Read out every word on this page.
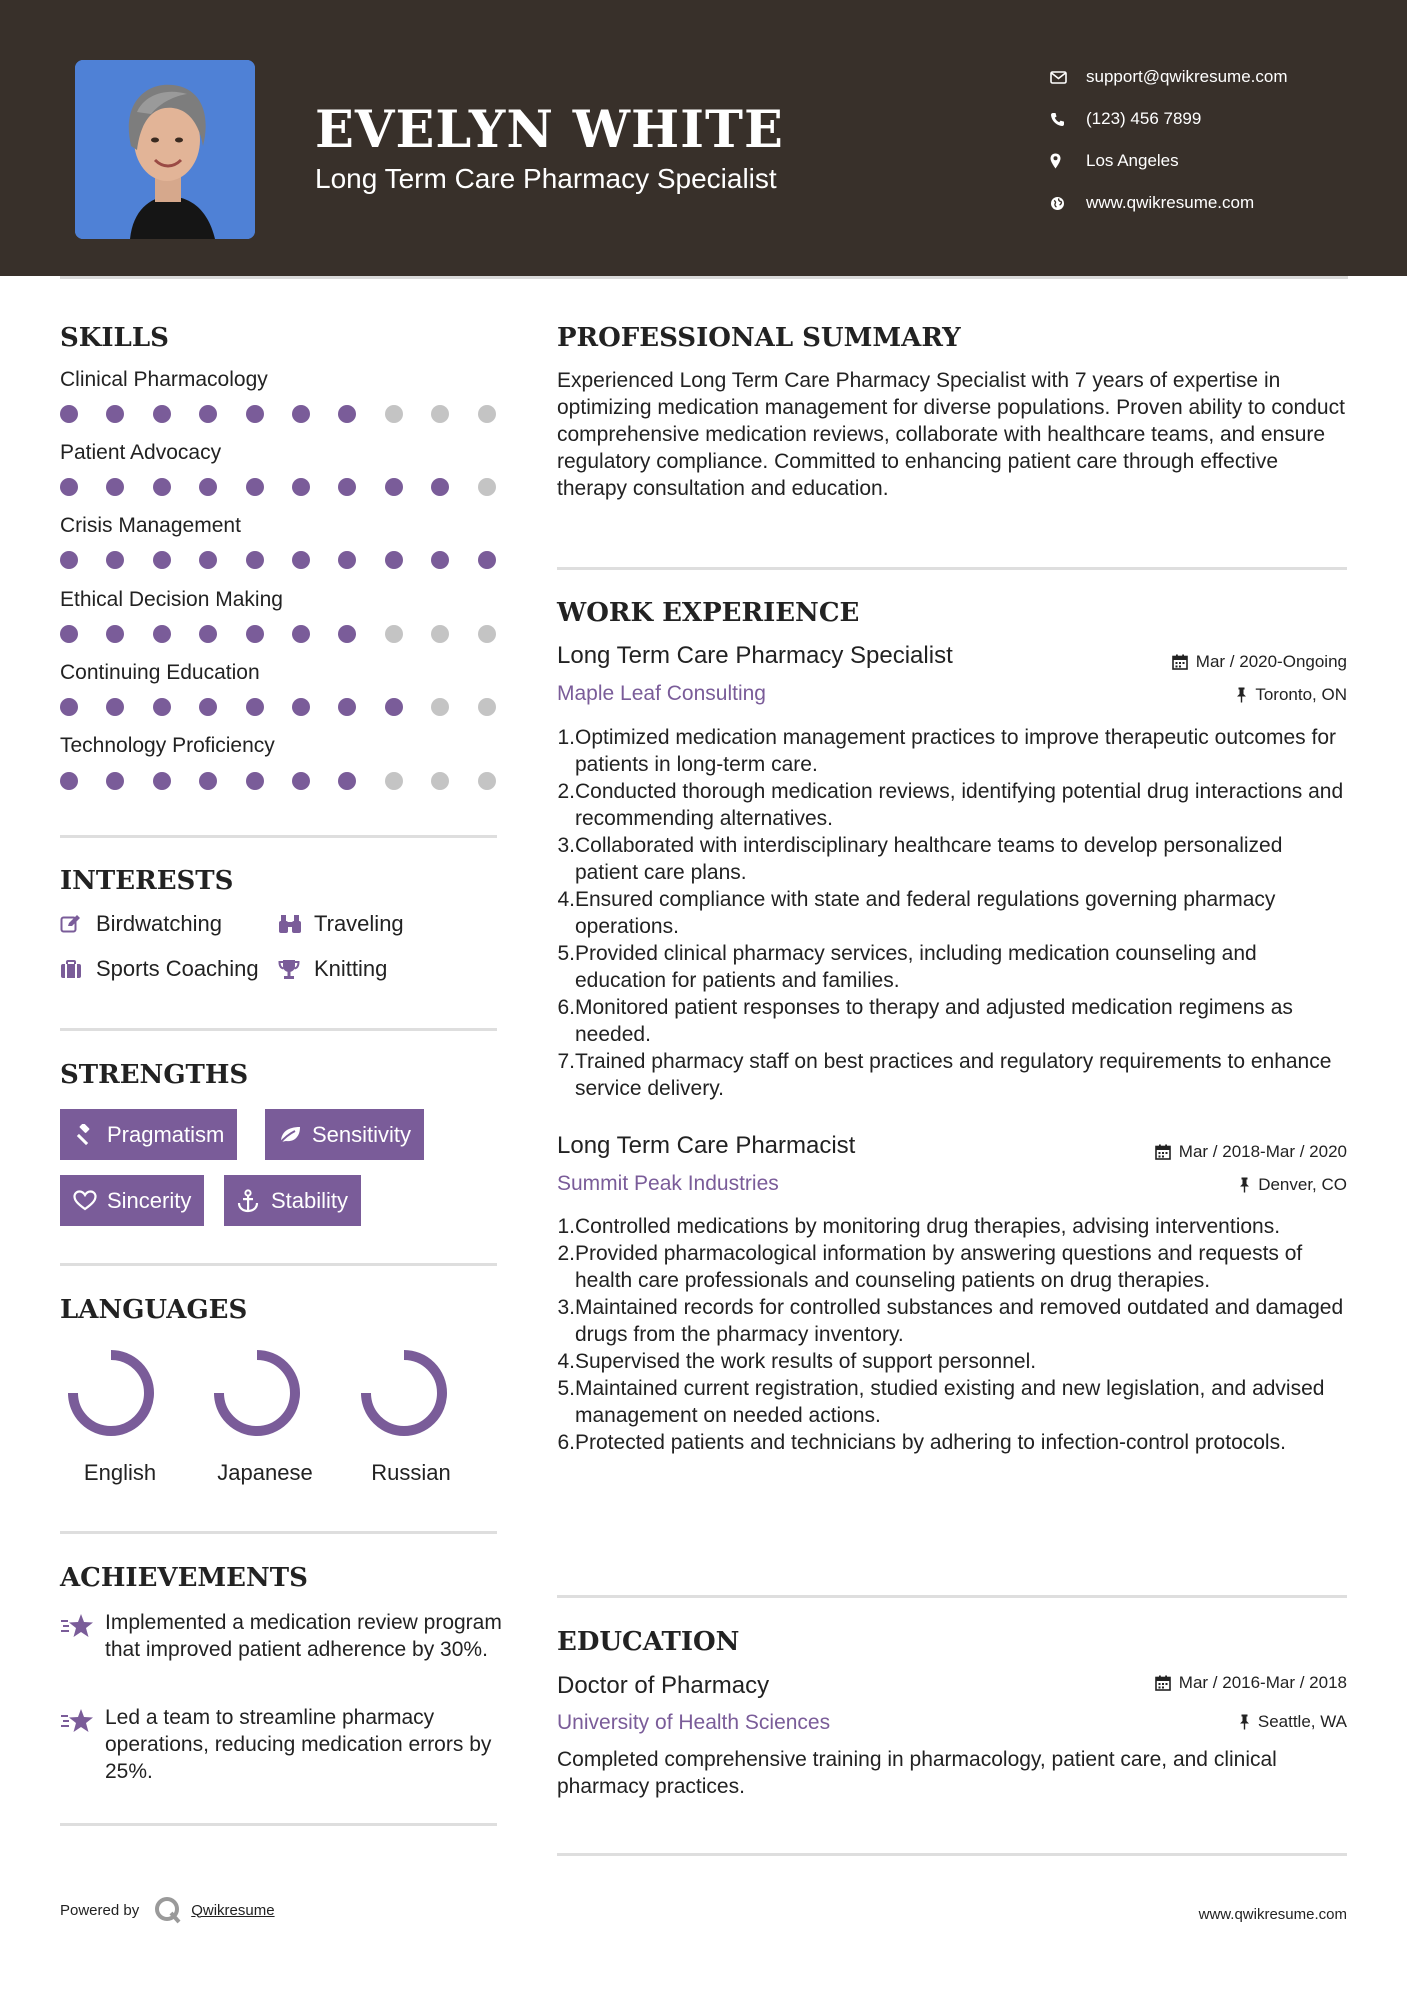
EVELYN WHITE
Long Term Care Pharmacy Specialist
support@qwikresume.com
(123) 456 7899
Los Angeles
www.qwikresume.com
SKILLS
Clinical Pharmacology
Patient Advocacy
Crisis Management
Ethical Decision Making
Continuing Education
Technology Proficiency
INTERESTS
Birdwatching	Traveling
Sports Coaching	Knitting
STRENGTHS
Pragmatism	Sensitivity
Sincerity	Stability
LANGUAGES
English	Japanese	Russian
ACHIEVEMENTS
Implemented a medication review program that improved patient adherence by 30%.
Led a team to streamline pharmacy operations, reducing medication errors by 25%.
PROFESSIONAL SUMMARY
Experienced Long Term Care Pharmacy Specialist with 7 years of expertise in optimizing medication management for diverse populations. Proven ability to conduct comprehensive medication reviews, collaborate with healthcare teams, and ensure regulatory compliance. Committed to enhancing patient care through effective therapy consultation and education.
WORK EXPERIENCE
Long Term Care Pharmacy Specialist	Mar / 2020-Ongoing
Maple Leaf Consulting	Toronto, ON
1. Optimized medication management practices to improve therapeutic outcomes for patients in long-term care.
2. Conducted thorough medication reviews, identifying potential drug interactions and recommending alternatives.
3. Collaborated with interdisciplinary healthcare teams to develop personalized patient care plans.
4. Ensured compliance with state and federal regulations governing pharmacy operations.
5. Provided clinical pharmacy services, including medication counseling and education for patients and families.
6. Monitored patient responses to therapy and adjusted medication regimens as needed.
7. Trained pharmacy staff on best practices and regulatory requirements to enhance service delivery.
Long Term Care Pharmacist	Mar / 2018-Mar / 2020
Summit Peak Industries	Denver, CO
1. Controlled medications by monitoring drug therapies, advising interventions.
2. Provided pharmacological information by answering questions and requests of health care professionals and counseling patients on drug therapies.
3. Maintained records for controlled substances and removed outdated and damaged drugs from the pharmacy inventory.
4. Supervised the work results of support personnel.
5. Maintained current registration, studied existing and new legislation, and advised management on needed actions.
6. Protected patients and technicians by adhering to infection-control protocols.
EDUCATION
Doctor of Pharmacy	Mar / 2016-Mar / 2018
University of Health Sciences	Seattle, WA
Completed comprehensive training in pharmacology, patient care, and clinical pharmacy practices.
Powered by	Qwikresume	www.qwikresume.com
